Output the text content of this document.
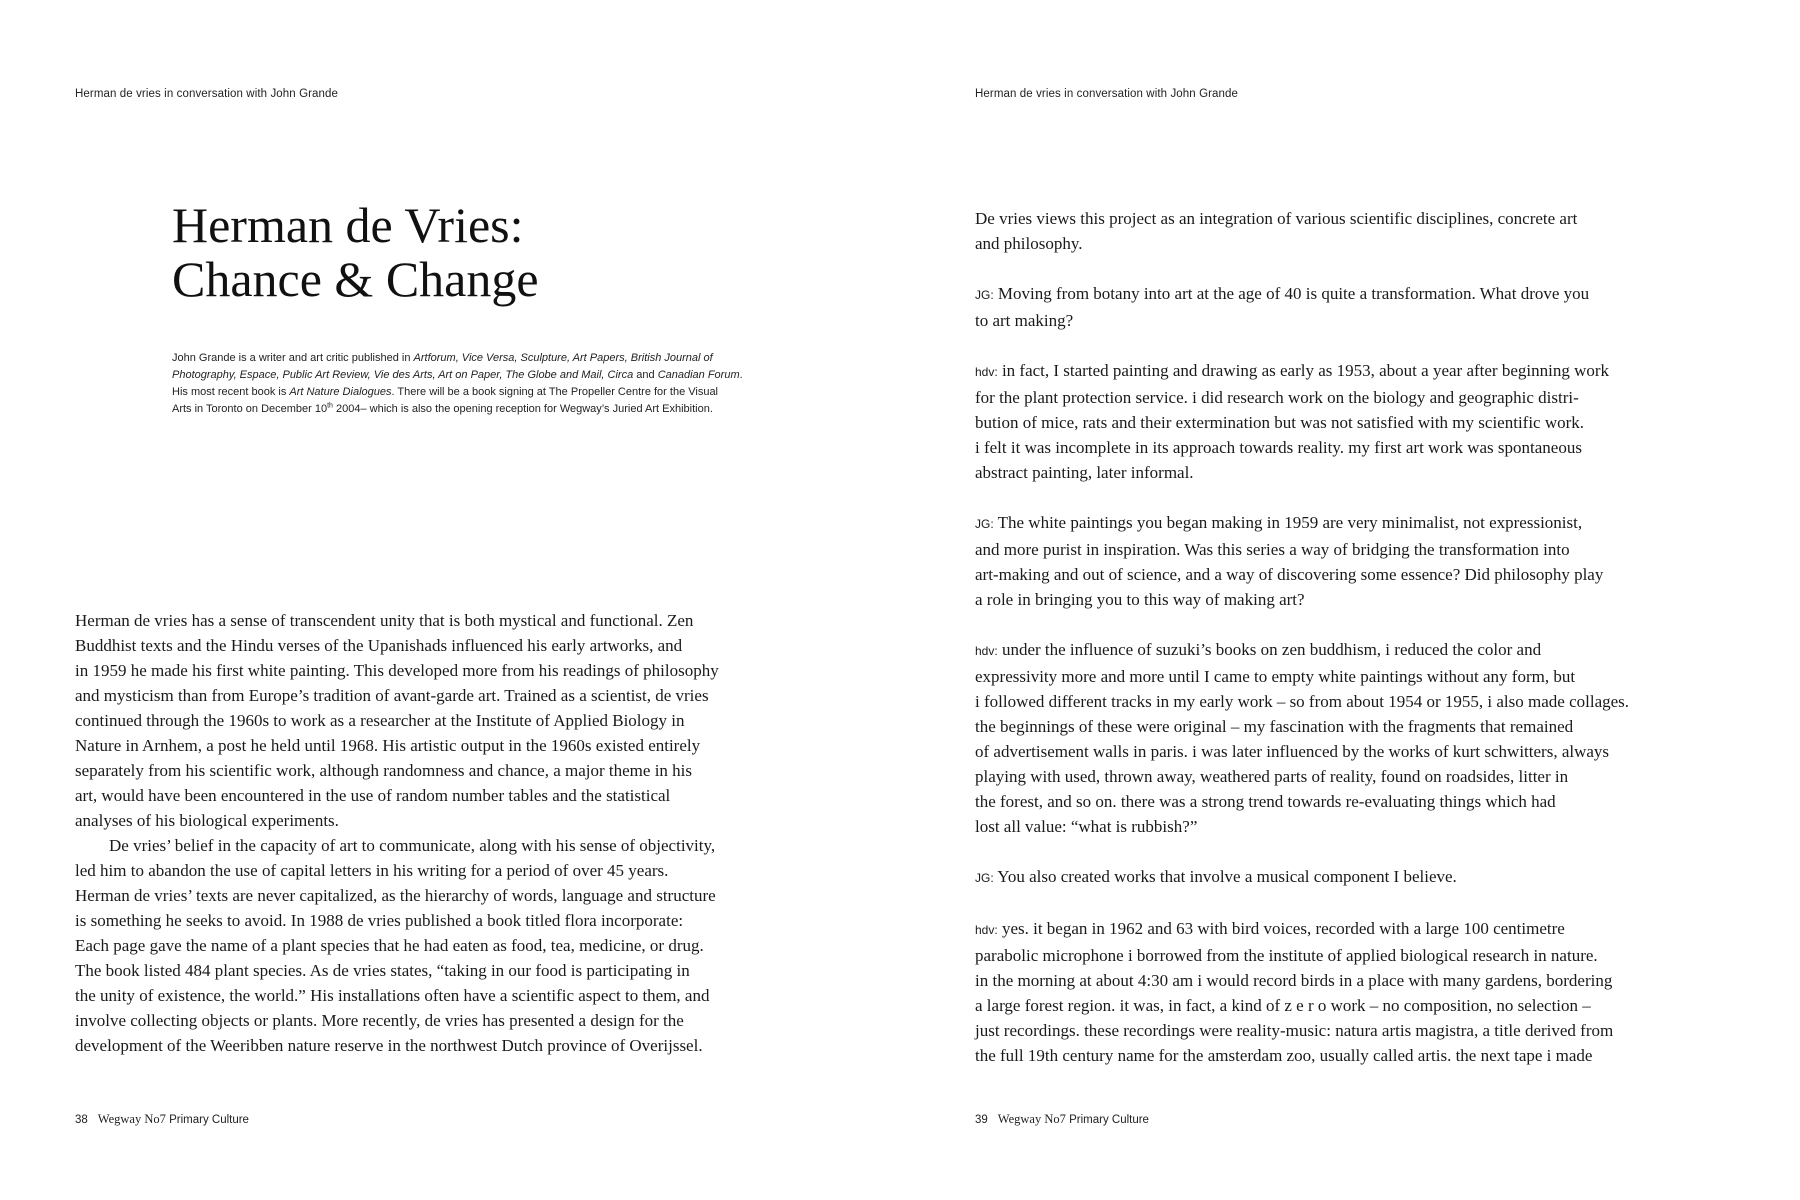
Herman de vries in conversation with John Grande
Herman de Vries:
Chance & Change
John Grande is a writer and art critic published in Artforum, Vice Versa, Sculpture, Art Papers, British Journal of
Photography, Espace, Public Art Review, Vie des Arts, Art on Paper, The Globe and Mail, Circa and Canadian Forum.
His most recent book is Art Nature Dialogues. There will be a book signing at The Propeller Centre for the Visual
Arts in Toronto on December 10th 2004– which is also the opening reception for Wegway’s Juried Art Exhibition.
Herman de vries has a sense of transcendent unity that is both mystical and functional. Zen
Buddhist texts and the Hindu verses of the Upanishads influenced his early artworks, and
in 1959 he made his first white painting. This developed more from his readings of philosophy
and mysticism than from Europe’s tradition of avant-garde art. Trained as a scientist, de vries
continued through the 1960s to work as a researcher at the Institute of Applied Biology in
Nature in Arnhem, a post he held until 1968. His artistic output in the 1960s existed entirely
separately from his scientific work, although randomness and chance, a major theme in his
art, would have been encountered in the use of random number tables and the statistical
analyses of his biological experiments.
De vries’ belief in the capacity of art to communicate, along with his sense of objectivity,
led him to abandon the use of capital letters in his writing for a period of over 45 years.
Herman de vries’ texts are never capitalized, as the hierarchy of words, language and structure
is something he seeks to avoid. In 1988 de vries published a book titled flora incorporate:
Each page gave the name of a plant species that he had eaten as food, tea, medicine, or drug.
The book listed 484 plant species. As de vries states, “taking in our food is participating in
the unity of existence, the world.” His installations often have a scientific aspect to them, and
involve collecting objects or plants. More recently, de vries has presented a design for the
development of the Weeribben nature reserve in the northwest Dutch province of Overijssel.
38 Wegway No7 Primary Culture
Herman de vries in conversation with John Grande
De vries views this project as an integration of various scientific disciplines, concrete art
and philosophy.
JG: Moving from botany into art at the age of 40 is quite a transformation. What drove you
to art making?
hdv: in fact, I started painting and drawing as early as 1953, about a year after beginning work
for the plant protection service. i did research work on the biology and geographic distri-
bution of mice, rats and their extermination but was not satisfied with my scientific work.
i felt it was incomplete in its approach towards reality. my first art work was spontaneous
abstract painting, later informal.
JG: The white paintings you began making in 1959 are very minimalist, not expressionist,
and more purist in inspiration. Was this series a way of bridging the transformation into
art-making and out of science, and a way of discovering some essence? Did philosophy play
a role in bringing you to this way of making art?
hdv: under the influence of suzuki’s books on zen buddhism, i reduced the color and
expressivity more and more until I came to empty white paintings without any form, but
i followed different tracks in my early work – so from about 1954 or 1955, i also made collages.
the beginnings of these were original – my fascination with the fragments that remained
of advertisement walls in paris. i was later influenced by the works of kurt schwitters, always
playing with used, thrown away, weathered parts of reality, found on roadsides, litter in
the forest, and so on. there was a strong trend towards re-evaluating things which had
lost all value: “what is rubbish?”
JG: You also created works that involve a musical component I believe.
hdv: yes. it began in 1962 and 63 with bird voices, recorded with a large 100 centimetre
parabolic microphone i borrowed from the institute of applied biological research in nature.
in the morning at about 4:30 am i would record birds in a place with many gardens, bordering
a large forest region. it was, in fact, a kind of z e r o work – no composition, no selection –
just recordings. these recordings were reality-music: natura artis magistra, a title derived from
the full 19th century name for the amsterdam zoo, usually called artis. the next tape i made
39 Wegway No7 Primary Culture
